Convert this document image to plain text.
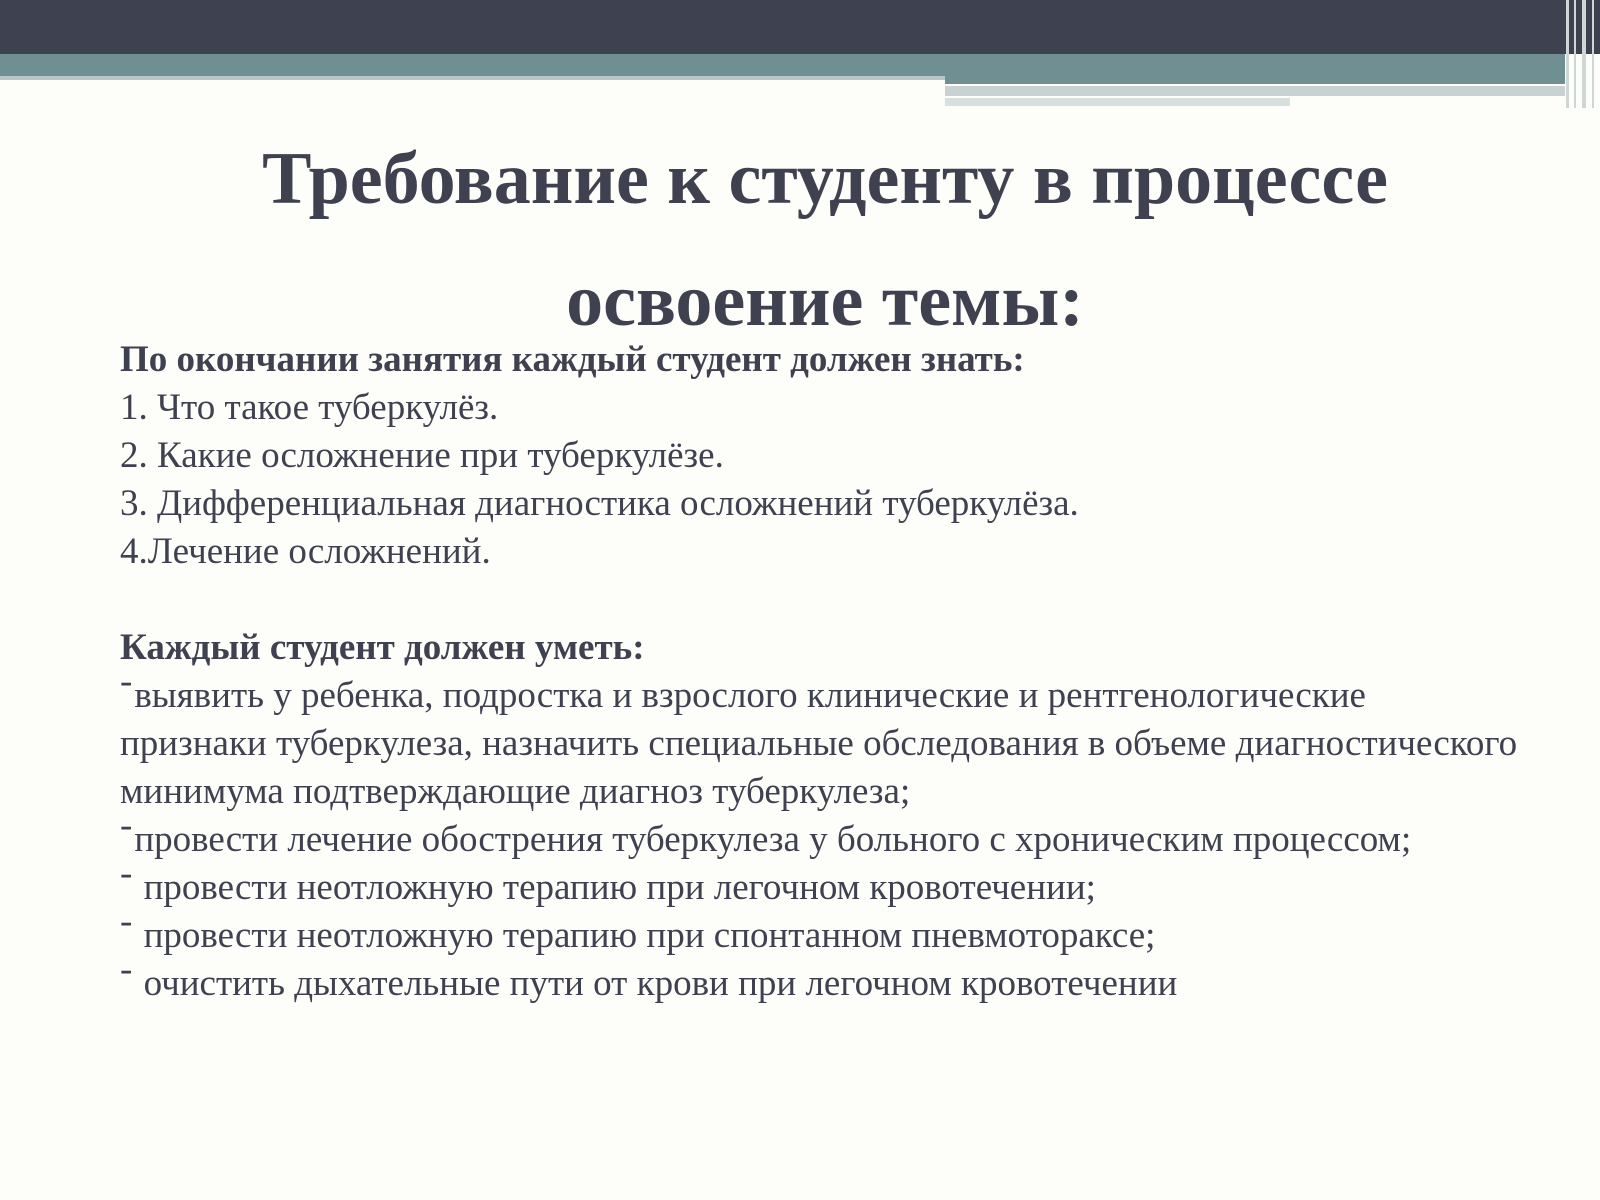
Требование к студенту в процессе освоение темы:

По окончании занятия каждый студент должен знать:

1. Что такое туберкулёз.

2. Какие осложнение при туберкулёзе.

3. Дифференциальная диагностика осложнений туберкулёза.

4.Лечение осложнений.

Каждый студент должен уметь:

-выявить у ребенка, подростка и взрослого клинические и рентгенологические признаки туберкулеза, назначить специальные обследования в объеме диагностического минимума подтверждающие диагноз туберкулеза;

-провести лечение обострения туберкулеза у больного с хроническим процессом;

- провести неотложную терапию при легочном кровотечении;

- провести неотложную терапию при спонтанном пневмотораксе;

- очистить дыхательные пути от крови при легочном кровотечении
